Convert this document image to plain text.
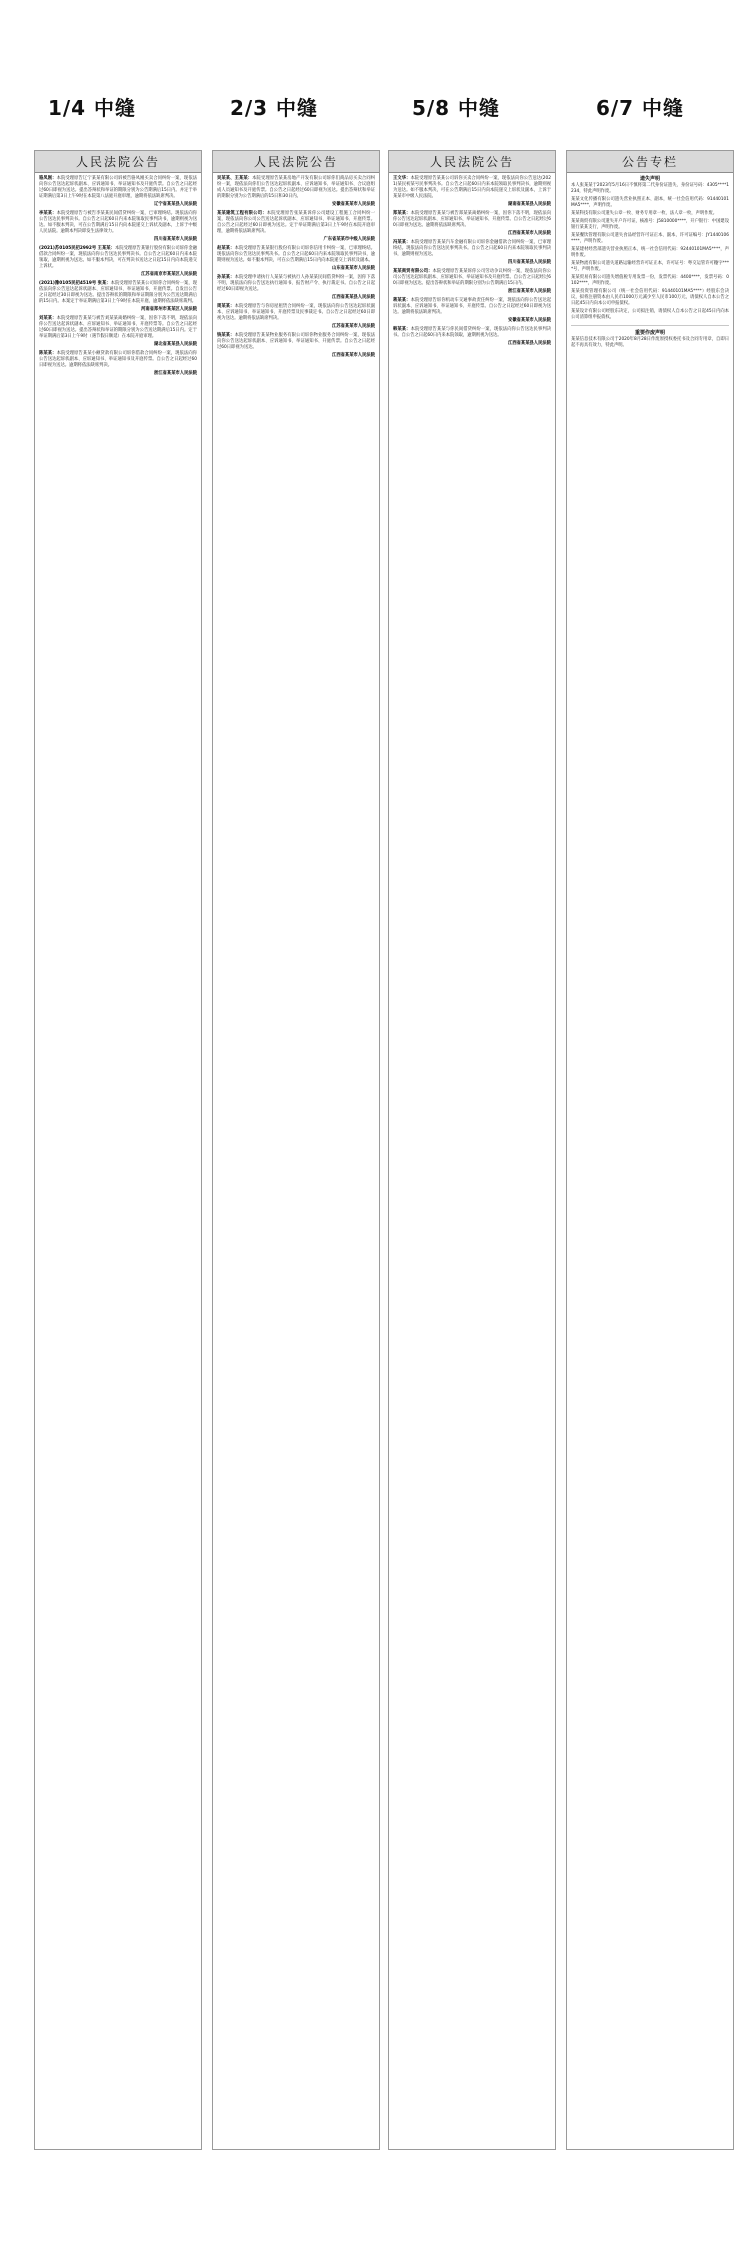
1/4 中缝	2/3 中缝	5/8 中缝	6/7 中缝
人民法院公告
骆凤刚：本院受理原告辽宁某某有限公司诉被告骆凤刚买卖合同纠纷一案，现依法向你公告送达起诉状副本、应诉通知书、举证通知书及开庭传票。自公告之日起经过60日即视为送达。提出答辩状和举证的期限分别为公告期满后15日内。并定于举证期满后第3日上午9时在本院第八法庭开庭审理，逾期将依法缺席判决。
辽宁省某某县人民法院
李某某：本院受理原告与被告李某某民间借贷纠纷一案，已审理终结。现依法向你公告送达民事判决书。自公告之日起60日内来本院领取民事判决书，逾期则视为送达。如不服本判决，可在公告期满后15日内向本院递交上诉状及副本，上诉于中级人民法院。逾期本判决即发生法律效力。
四川省某某市人民法院
(2021)苏0105民初2992号 王某某：本院受理原告某银行股份有限公司诉你金融借款合同纠纷一案，现依法向你公告送达民事判决书。自公告之日起60日内来本院领取，逾期则视为送达。如不服本判决，可在判决书送达之日起15日内向本院递交上诉状。
江苏省南京市某某区人民法院
(2021)豫0105民初4519号 张某：本院受理原告某某公司诉你合同纠纷一案，现依法向你公告送达起诉状副本、应诉通知书、举证通知书、开庭传票。自发出公告之日起经过30日即视为送达。提出答辩状的期限和举证期限分别为公告送达期满后的15日内。本案定于举证期满后第3日上午9时在本院开庭，逾期将依法缺席裁判。
河南省郑州市某某区人民法院
刘某某：本院受理原告某某与被告刘某某离婚纠纷一案，因你下落不明，现依法向你公告送达起诉状副本、应诉通知书、举证通知书、开庭传票等。自公告之日起经过60日即视为送达。提出答辩状和举证的期限分别为公告送达期满后15日内。定于举证期满后第3日上午9时（遇节假日顺延）在本院开庭审理。
湖北省某某县人民法院
陈某某：本院受理原告某某小额贷款有限公司诉你借款合同纠纷一案，现依法向你公告送达起诉状副本、应诉通知书、举证通知书及开庭传票。自公告之日起经过60日即视为送达。逾期将依法缺席判决。
浙江省某某市人民法院
人民法院公告
吴某某、王某某：本院受理原告某某房地产开发有限公司诉你们商品房买卖合同纠纷一案，现依法向你们公告送达起诉状副本、应诉通知书、举证通知书、合议庭组成人员通知书及开庭传票。自公告之日起经过60日即视为送达。提出答辩状和举证的期限分别为公告期满后的15日和30日内。
安徽省某某市人民法院
某某建筑工程有限公司：本院受理原告张某某诉你公司建设工程施工合同纠纷一案，现依法向你公司公告送达起诉状副本、应诉通知书、举证通知书、开庭传票。自公告之日起经过60日即视为送达。定于举证期满后第3日上午9时在本院开庭审理，逾期将依法缺席判决。
广东省某某市中级人民法院
赵某某：本院受理原告某某银行股份有限公司诉你信用卡纠纷一案，已审理终结。现依法向你公告送达民事判决书。自公告之日起60日内来本院领取民事判决书，逾期则视为送达。如不服本判决，可在公告期满后15日内向本院递交上诉状及副本。
山东省某某市人民法院
孙某某：本院受理申请执行人某某与被执行人孙某某民间借贷纠纷一案，因你下落不明，现依法向你公告送达执行通知书、报告财产令、执行裁定书。自公告之日起经过60日即视为送达。
江西省某某县人民法院
周某某：本院受理原告与你房屋租赁合同纠纷一案，现依法向你公告送达起诉状副本、应诉通知书、举证通知书、开庭传票及民事裁定书。自公告之日起经过60日即视为送达。逾期将依法缺席判决。
江苏省某某市人民法院
钱某某：本院受理原告某某物业服务有限公司诉你物业服务合同纠纷一案，现依法向你公告送达起诉状副本、应诉通知书、举证通知书、开庭传票。自公告之日起经过60日即视为送达。
江西省某某市人民法院
人民法院公告
王文华：本院受理原告某某公司诉你买卖合同纠纷一案，现依法向你公告送达(2021)某民初某号民事判决书。自公告之日起60日内来本院领取民事判决书，逾期则视为送达。如不服本判决，可在公告期满后15日内向本院递交上诉状及副本，上诉于某某市中级人民法院。
湖南省某某县人民法院
郑某某：本院受理原告某某与被告郑某某离婚纠纷一案，因你下落不明，现依法向你公告送达起诉状副本、应诉通知书、举证通知书、开庭传票。自公告之日起经过60日即视为送达。逾期将依法缺席判决。
江西省某某市人民法院
冯某某：本院受理原告某某汽车金融有限公司诉你金融借款合同纠纷一案，已审理终结。现依法向你公告送达民事判决书。自公告之日起60日内来本院领取民事判决书，逾期则视为送达。
四川省某某县人民法院
某某商贸有限公司：本院受理原告某某诉你公司劳动争议纠纷一案，现依法向你公司公告送达起诉状副本、应诉通知书、举证通知书及开庭传票。自公告之日起经过60日即视为送达。提出答辩状和举证的期限分别为公告期满后15日内。
浙江省某某市人民法院
蒋某某：本院受理原告诉你机动车交通事故责任纠纷一案，现依法向你公告送达起诉状副本、应诉通知书、举证通知书、开庭传票。自公告之日起经过60日即视为送达。逾期将依法缺席判决。
安徽省某某市人民法院
韩某某：本院受理原告某某与你民间借贷纠纷一案，现依法向你公告送达民事判决书。自公告之日起60日内来本院领取，逾期则视为送达。
江西省某某县人民法院
公告专栏
遗失声明
本人张某某于2023年5月16日不慎将第二代身份证遗失，身份证号码：4305****1234，特此声明作废。
某某文化传播有限公司遗失营业执照正本、副本，统一社会信用代码：91440101MA5****，声明作废。
某某科技有限公司遗失公章一枚、财务专用章一枚、法人章一枚，声明作废。
某某商贸有限公司遗失开户许可证，核准号：J5810000****，开户银行：中国建设银行某某支行，声明作废。
某某餐饮管理有限公司遗失食品经营许可证正本、副本，许可证编号：JY1440106****，声明作废。
某某建材经营部遗失营业执照正本，统一社会信用代码：92440101MA5****，声明作废。
某某物流有限公司遗失道路运输经营许可证正本，许可证号：粤交运管许可穗字****号，声明作废。
某某贸易有限公司遗失增值税专用发票一份，发票代码：4400****，发票号码：0102****，声明作废。
某某投资管理有限公司（统一社会信用代码：91440101MA5****）经股东会决议，拟将注册资本由人民币1000万元减少至人民币100万元，请债权人自本公告之日起45日内向本公司申报债权。
某某设计有限公司经股东决定，公司拟注销，请债权人自本公告之日起45日内向本公司清算组申报债权。
重要作废声明
某某信息技术有限公司于2020年8月28日作废原授权委托书及合同专用章，自即日起不再具有效力，特此声明。
